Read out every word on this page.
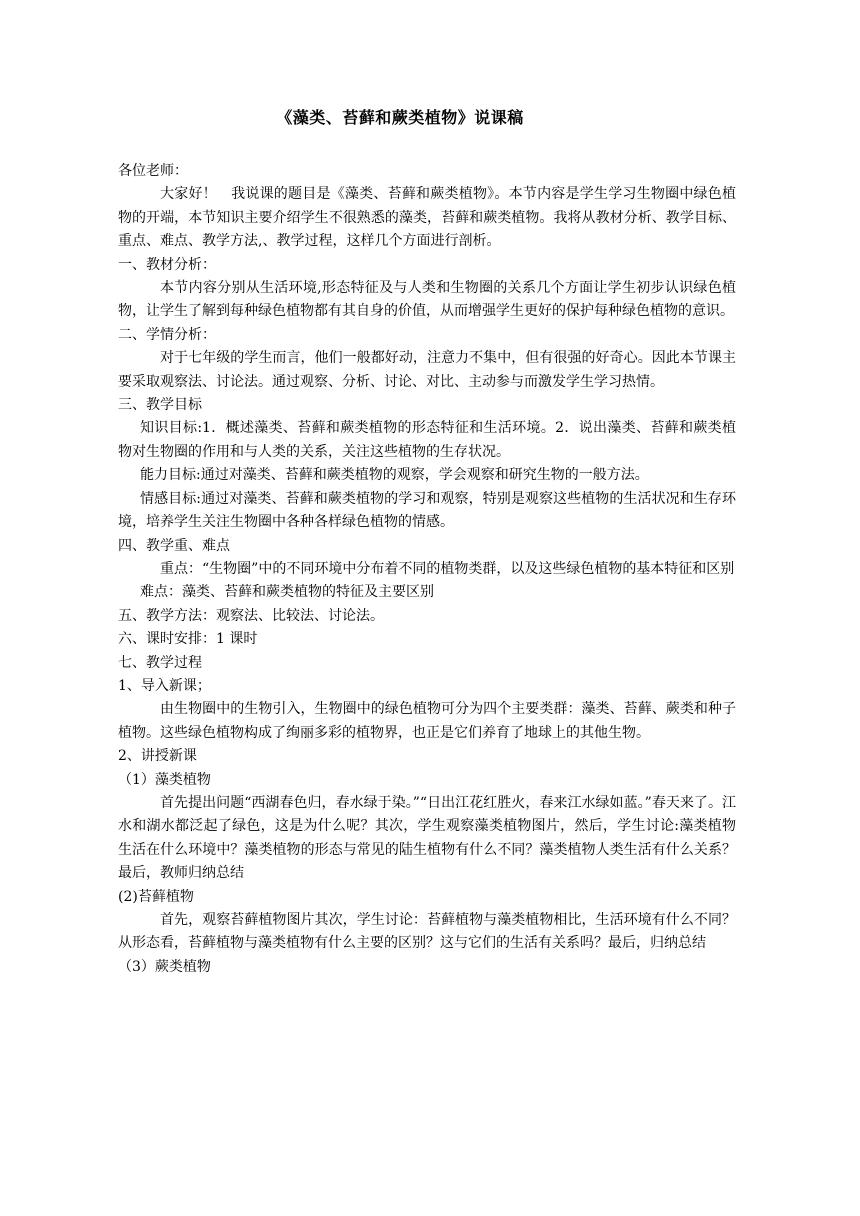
《藻类、苔藓和蕨类植物》说课稿

各位老师：

大家好！　我说课的题目是《藻类、苔藓和蕨类植物》。本节内容是学生学习生物圈中绿色植物的开端，本节知识主要介绍学生不很熟悉的藻类，苔藓和蕨类植物。我将从教材分析、教学目标、重点、难点、教学方法,、教学过程，这样几个方面进行剖析。

一、教材分析：

本节内容分别从生活环境,形态特征及与人类和生物圈的关系几个方面让学生初步认识绿色植物，让学生了解到每种绿色植物都有其自身的价值，从而增强学生更好的保护每种绿色植物的意识。

二、学情分析：

对于七年级的学生而言，他们一般都好动，注意力不集中，但有很强的好奇心。因此本节课主要采取观察法、讨论法。通过观察、分析、讨论、对比、主动参与而激发学生学习热情。

三、教学目标

知识目标:1．概述藻类、苔藓和蕨类植物的形态特征和生活环境。2．说出藻类、苔藓和蕨类植物对生物圈的作用和与人类的关系，关注这些植物的生存状况。

能力目标:通过对藻类、苔藓和蕨类植物的观察，学会观察和研究生物的一般方法。

情感目标:通过对藻类、苔藓和蕨类植物的学习和观察，特别是观察这些植物的生活状况和生存环境，培养学生关注生物圈中各种各样绿色植物的情感。

四、教学重、难点

重点：“生物圈”中的不同环境中分布着不同的植物类群，以及这些绿色植物的基本特征和区别

难点：藻类、苔藓和蕨类植物的特征及主要区别

五、教学方法：观察法、比较法、讨论法。

六、课时安排：1 课时

七、教学过程

1、导入新课；

由生物圈中的生物引入，生物圈中的绿色植物可分为四个主要类群：藻类、苔藓、蕨类和种子植物。这些绿色植物构成了绚丽多彩的植物界，也正是它们养育了地球上的其他生物。

2、讲授新课

（1）藻类植物

首先提出问题“西湖春色归，春水绿于染。”“日出江花红胜火，春来江水绿如蓝。”春天来了。江水和湖水都泛起了绿色，这是为什么呢？其次，学生观察藻类植物图片，然后，学生讨论:藻类植物生活在什么环境中？藻类植物的形态与常见的陆生植物有什么不同？藻类植物人类生活有什么关系？最后，教师归纳总结

(2)苔藓植物

首先，观察苔藓植物图片其次，学生讨论：苔藓植物与藻类植物相比，生活环境有什么不同？从形态看，苔藓植物与藻类植物有什么主要的区别？这与它们的生活有关系吗？最后，归纳总结

（3）蕨类植物
